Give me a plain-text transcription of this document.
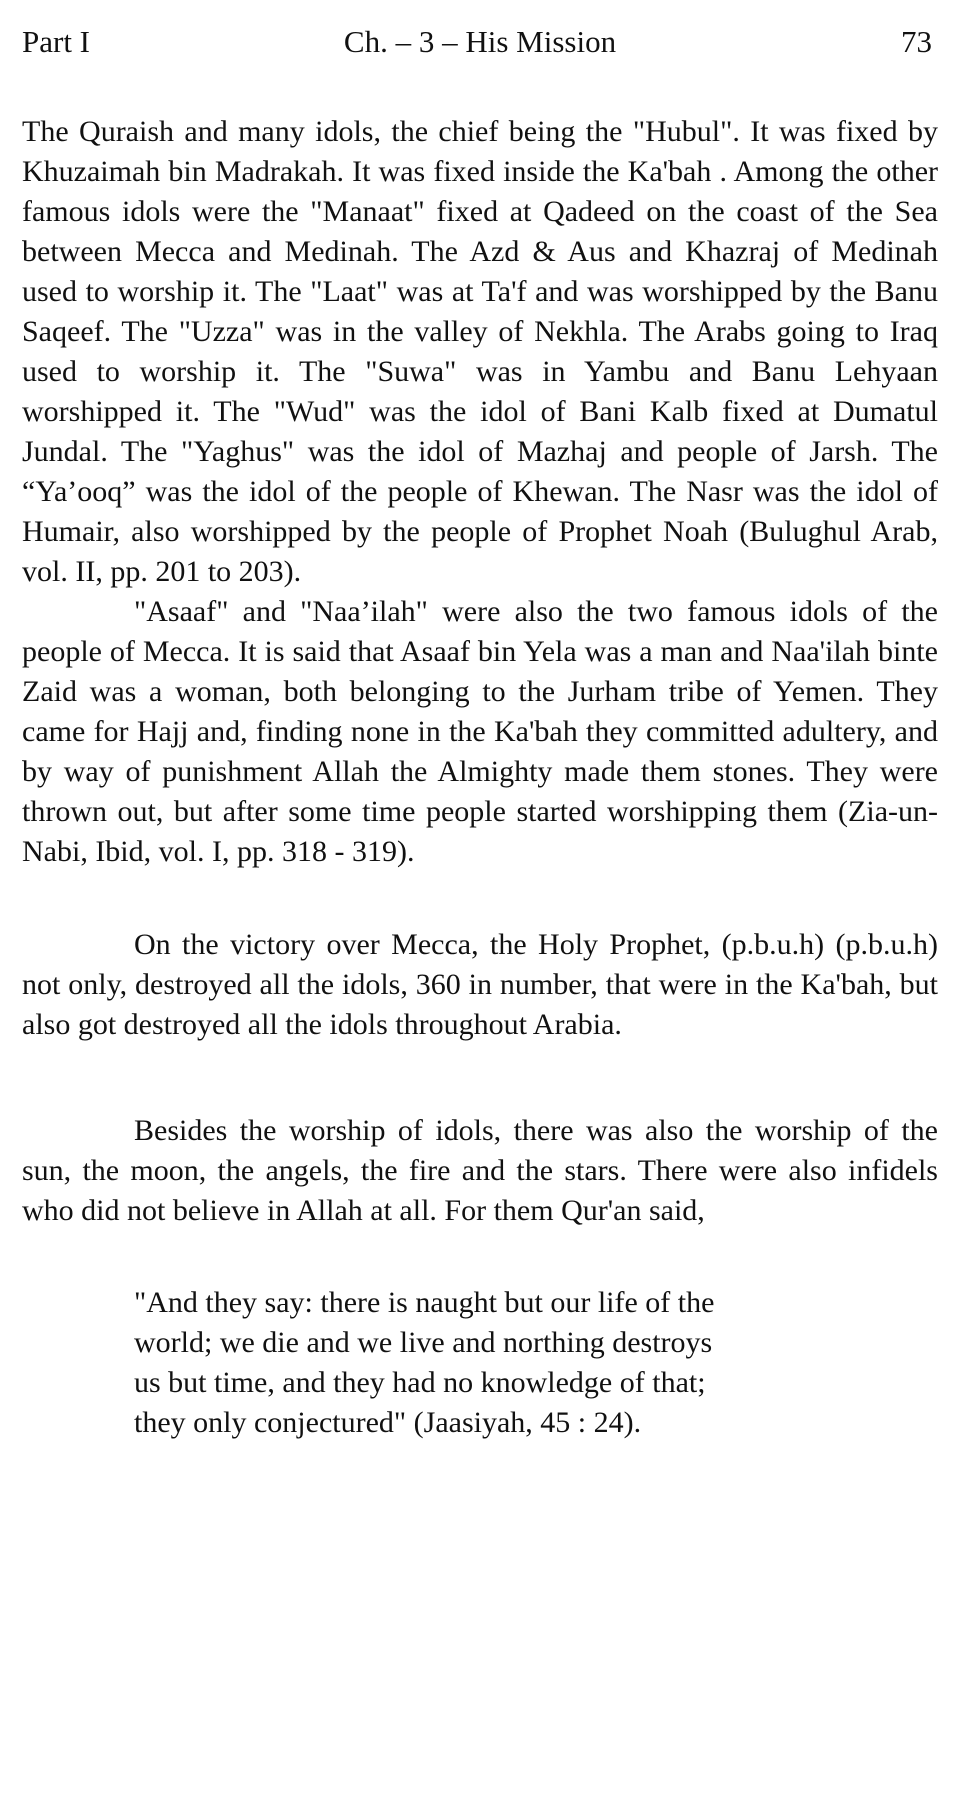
Part I	Ch. – 3 – His Mission	73

The Quraish and many idols, the chief being the "Hubul". It was fixed by Khuzaimah bin Madrakah. It was fixed inside the Ka'bah . Among the other famous idols were the "Manaat" fixed at Qadeed on the coast of the Sea between Mecca and Medinah. The Azd & Aus and Khazraj of Medinah used to worship it. The "Laat" was at Ta'f and was worshipped by the Banu Saqeef. The "Uzza" was in the valley of Nekhla. The Arabs going to Iraq used to worship it. The "Suwa" was in Yambu and Banu Lehyaan worshipped it. The "Wud" was the idol of Bani Kalb fixed at Dumatul Jundal. The "Yaghus" was the idol of Mazhaj and people of Jarsh. The “Ya’ooq” was the idol of the people of Khewan. The Nasr was the idol of Humair, also worshipped by the people of Prophet Noah (Bulughul Arab, vol. II, pp. 201 to 203).

"Asaaf" and "Naa’ilah" were also the two famous idols of the people of Mecca. It is said that Asaaf bin Yela was a man and Naa'ilah binte Zaid was a woman, both belonging to the Jurham tribe of Yemen. They came for Hajj and, finding none in the Ka'bah they committed adultery, and by way of punishment Allah the Almighty made them stones. They were thrown out, but after some time people started worshipping them (Zia-un-Nabi, Ibid, vol. I, pp. 318 - 319).

On the victory over Mecca, the Holy Prophet, (p.b.u.h) (p.b.u.h) not only, destroyed all the idols, 360 in number, that were in the Ka'bah, but also got destroyed all the idols throughout Arabia.

Besides the worship of idols, there was also the worship of the sun, the moon, the angels, the fire and the stars. There were also infidels who did not believe in Allah at all. For them Qur'an said,

"And they say: there is naught but our life of the world; we die and we live and northing destroys us but time, and they had no knowledge of that; they only conjectured" (Jaasiyah, 45 : 24).
